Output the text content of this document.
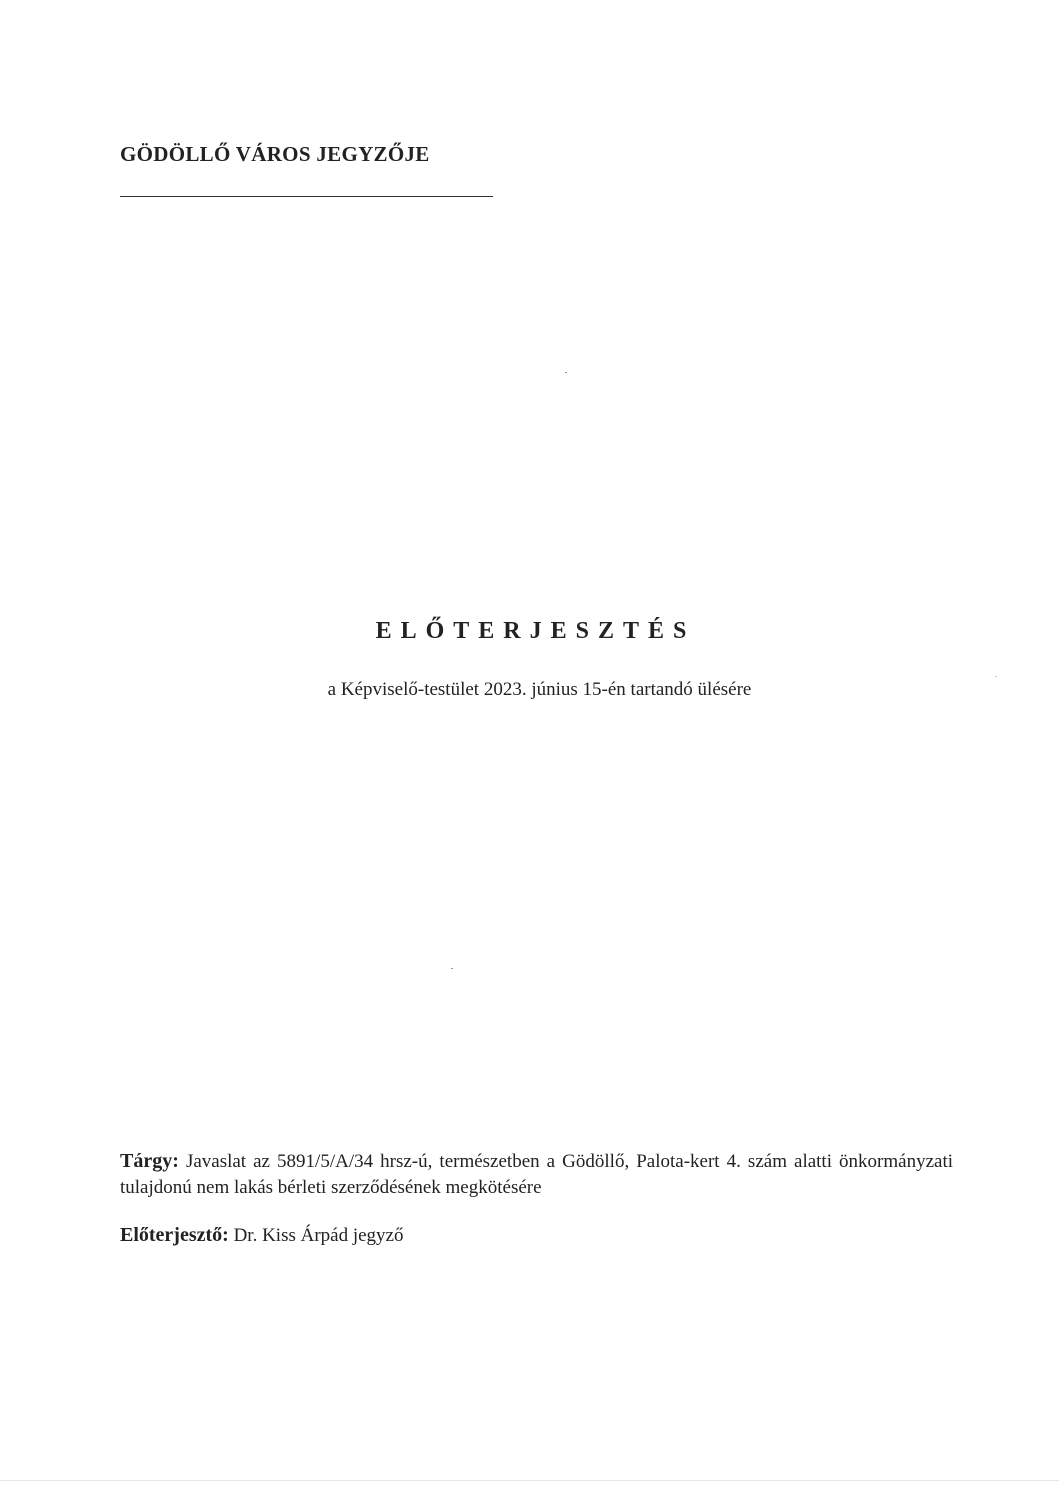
GÖDÖLLŐ VÁROS JEGYZŐJE
ELŐTERJESZTÉS
a Képviselő-testület 2023. június 15-én tartandó ülésére
Tárgy: Javaslat az 5891/5/A/34 hrsz-ú, természetben a Gödöllő, Palota-kert 4. szám alatti önkormányzati tulajdonú nem lakás bérleti szerződésének megkötésére
Előterjesztő: Dr. Kiss Árpád jegyző
